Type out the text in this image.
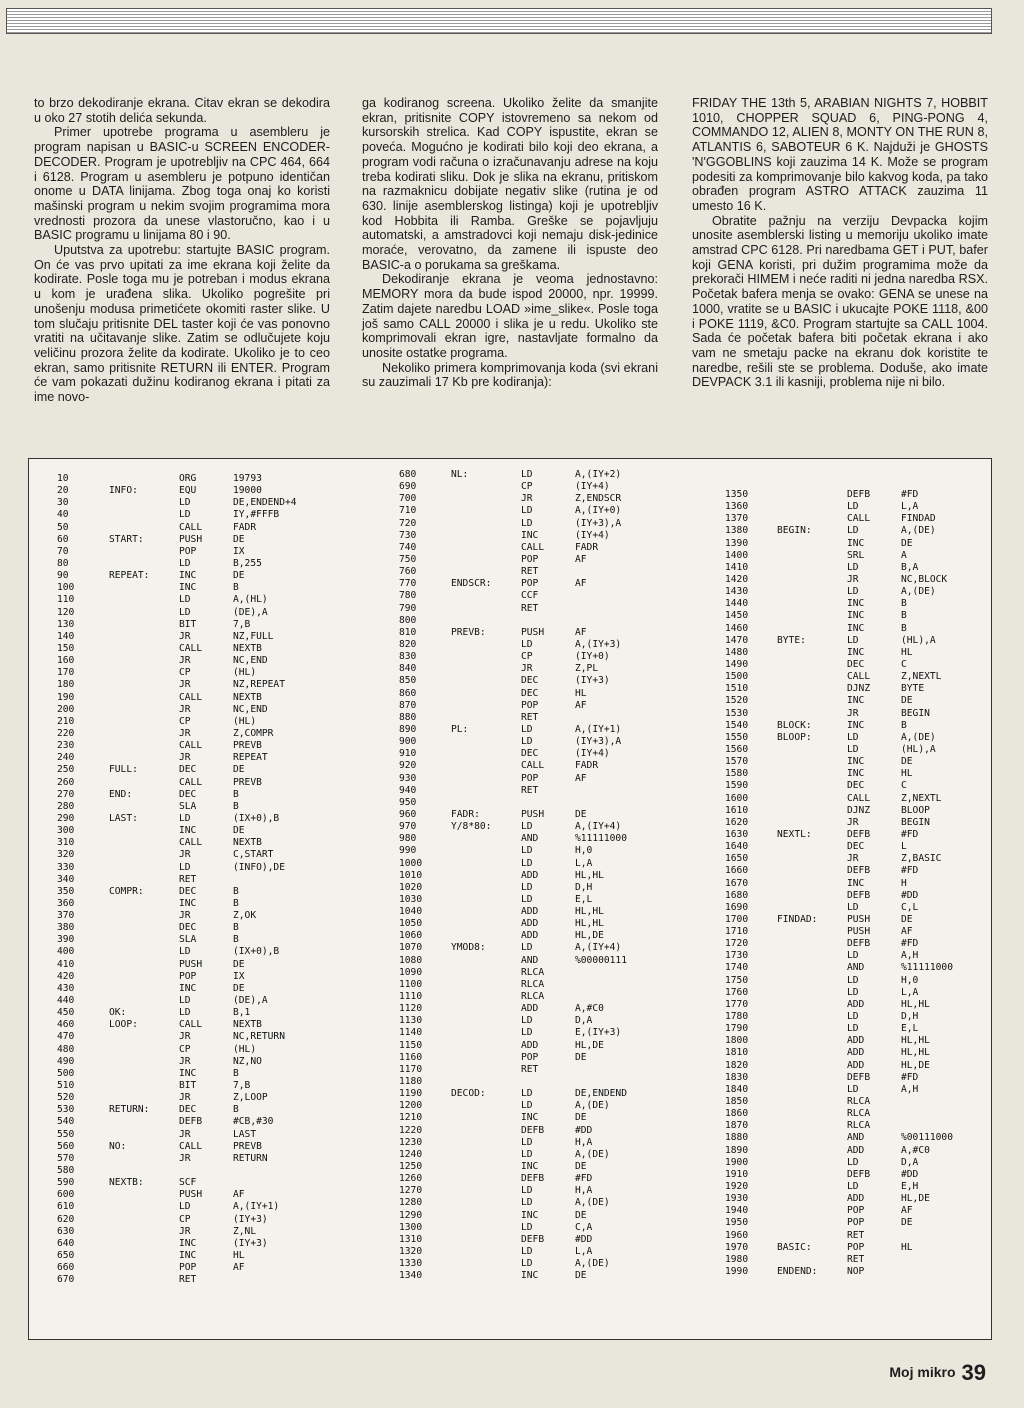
to brzo dekodiranje ekrana. Citav ekran se dekodira u oko 27 stotih delića sekunda.

Primer upotrebe programa u asembleru je program napisan u BASIC-u SCREEN ENCODER-DECODER. Program je upotrebljiv na CPC 464, 664 i 6128. Program u asembleru je potpuno identičan onome u DATA linijama. Zbog toga onaj ko koristi mašinski program u nekim svojim programima mora vrednosti prozora da unese vlastoručno, kao i u BASIC programu u linijama 80 i 90.

Uputstva za upotrebu: startujte BASIC program. On će vas prvo upitati za ime ekrana koji želite da kodirate. Posle toga mu je potreban i modus ekrana u kom je urađena slika. Ukoliko pogrešite pri unošenju modusa primetićete okomiti raster slike. U tom slučaju pritisnite DEL taster koji će vas ponovno vratiti na učitavanje slike. Zatim se odlučujete koju veličinu prozora želite da kodirate. Ukoliko je to ceo ekran, samo pritisnite RETURN ili ENTER. Program će vam pokazati dužinu kodiranog ekrana i pitati za ime novo-

ga kodiranog screena. Ukoliko želite da smanjite ekran, pritisnite COPY istovremeno sa nekom od kursorskih strelica. Kad COPY ispustite, ekran se poveća. Mogućno je kodirati bilo koji deo ekrana, a program vodi računa o izračunavanju adrese na koju treba kodirati sliku. Dok je slika na ekranu, pritiskom na razmaknicu dobijate negativ slike (rutina je od 630. linije asemblerskog listinga) koji je upotrebljiv kod Hobbita ili Ramba. Greške se pojavljuju automatski, a amstradovci koji nemaju disk-jedinice moraće, verovatno, da zamene ili ispuste deo BASIC-a o porukama sa greškama.

Dekodiranje ekrana je veoma jednostavno: MEMORY mora da bude ispod 20000, npr. 19999. Zatim dajete naredbu LOAD »ime_slike«. Posle toga još samo CALL 20000 i slika je u redu. Ukoliko ste komprimovali ekran igre, nastavljate formalno da unosite ostatke programa.

Nekoliko primera komprimovanja koda (svi ekrani su zauzimali 17 Kb pre kodiranja):

FRIDAY THE 13th 5, ARABIAN NIGHTS 7, HOBBIT 1010, CHOPPER SQUAD 6, PING-PONG 4, COMMANDO 12, ALIEN 8, MONTY ON THE RUN 8, ATLANTIS 6, SABOTEUR 6 K. Najduži je GHOSTS 'N'GGOBLINS koji zauzima 14 K. Može se program podesiti za komprimovanje bilo kakvog koda, pa tako obrađen program ASTRO ATTACK zauzima 11 umesto 16 K.

Obratite pažnju na verziju Devpacka kojim unosite asemblerski listing u memoriju ukoliko imate amstrad CPC 6128. Pri naredbama GET i PUT, bafer koji GENA koristi, pri dužim programima može da prekorači HIMEM i neće raditi ni jedna naredba RSX. Početak bafera menja se ovako: GENA se unese na 1000, vratite se u BASIC i ukucajte POKE 1118, &00 i POKE 1119, &C0. Program startujte sa CALL 1004. Sada će početak bafera biti početak ekrana i ako vam ne smetaju packe na ekranu dok koristite te naredbe, rešili ste se problema. Doduše, ako imate DEVPACK 3.1 ili kasniji, problema nije ni bilo.

10	ORG	19793
20	INFO:	EQU	19000
30	LD	DE,ENDEND+4
40	LD	IY,#FFFB
50	CALL	FADR
60	START:	PUSH	DE
70	POP	IX
80	LD	B,255
90	REPEAT:	INC	DE
100	INC	B
110	LD	A,(HL)
120	LD	(DE),A
130	BIT	7,B
140	JR	NZ,FULL
150	CALL	NEXTB
160	JR	NC,END
170	CP	(HL)
180	JR	NZ,REPEAT
190	CALL	NEXTB
200	JR	NC,END
210	CP	(HL)
220	JR	Z,COMPR
230	CALL	PREVB
240	JR	REPEAT
250	FULL:	DEC	DE
260	CALL	PREVB
270	END:	DEC	B
280	SLA	B
290	LAST:	LD	(IX+0),B
300	INC	DE
310	CALL	NEXTB
320	JR	C,START
330	LD	(INFO),DE
340	RET
350	COMPR:	DEC	B
360	INC	B
370	JR	Z,OK
380	DEC	B
390	SLA	B
400	LD	(IX+0),B
410	PUSH	DE
420	POP	IX
430	INC	DE
440	LD	(DE),A
450	OK:	LD	B,1
460	LOOP:	CALL	NEXTB
470	JR	NC,RETURN
480	CP	(HL)
490	JR	NZ,NO
500	INC	B
510	BIT	7,B
520	JR	Z,LOOP
530	RETURN:	DEC	B
540	DEFB	#CB,#30
550	JR	LAST
560	NO:	CALL	PREVB
570	JR	RETURN
580
590	NEXTB:	SCF
600	PUSH	AF
610	LD	A,(IY+1)
620	CP	(IY+3)
630	JR	Z,NL
640	INC	(IY+3)
650	INC	HL
660	POP	AF
670	RET
680	NL:	LD	A,(IY+2)
690	CP	(IY+4)
700	JR	Z,ENDSCR
710	LD	A,(IY+0)
720	LD	(IY+3),A
730	INC	(IY+4)
740	CALL	FADR
750	POP	AF
760	RET
770	ENDSCR:	POP	AF
780	CCF
790	RET
800
810	PREVB:	PUSH	AF
820	LD	A,(IY+3)
830	CP	(IY+0)
840	JR	Z,PL
850	DEC	(IY+3)
860	DEC	HL
870	POP	AF
880	RET
890	PL:	LD	A,(IY+1)
900	LD	(IY+3),A
910	DEC	(IY+4)
920	CALL	FADR
930	POP	AF
940	RET
950
960	FADR:	PUSH	DE
970	Y/8*80:	LD	A,(IY+4)
980	AND	%11111000
990	LD	H,0
1000	LD	L,A
1010	ADD	HL,HL
1020	LD	D,H
1030	LD	E,L
1040	ADD	HL,HL
1050	ADD	HL,HL
1060	ADD	HL,DE
1070	YMOD8:	LD	A,(IY+4)
1080	AND	%00000111
1090	RLCA
1100	RLCA
1110	RLCA
1120	ADD	A,#C0
1130	LD	D,A
1140	LD	E,(IY+3)
1150	ADD	HL,DE
1160	POP	DE
1170	RET
1180
1190	DECOD:	LD	DE,ENDEND
1200	LD	A,(DE)
1210	INC	DE
1220	DEFB	#DD
1230	LD	H,A
1240	LD	A,(DE)
1250	INC	DE
1260	DEFB	#FD
1270	LD	H,A
1280	LD	A,(DE)
1290	INC	DE
1300	LD	C,A
1310	DEFB	#DD
1320	LD	L,A
1330	LD	A,(DE)
1340	INC	DE
1350	DEFB	#FD
1360	LD	L,A
1370	CALL	FINDAD
1380	BEGIN:	LD	A,(DE)
1390	INC	DE
1400	SRL	A
1410	LD	B,A
1420	JR	NC,BLOCK
1430	LD	A,(DE)
1440	INC	B
1450	INC	B
1460	INC	B
1470	BYTE:	LD	(HL),A
1480	INC	HL
1490	DEC	C
1500	CALL	Z,NEXTL
1510	DJNZ	BYTE
1520	INC	DE
1530	JR	BEGIN
1540	BLOCK:	INC	B
1550	BLOOP:	LD	A,(DE)
1560	LD	(HL),A
1570	INC	DE
1580	INC	HL
1590	DEC	C
1600	CALL	Z,NEXTL
1610	DJNZ	BLOOP
1620	JR	BEGIN
1630	NEXTL:	DEFB	#FD
1640	DEC	L
1650	JR	Z,BASIC
1660	DEFB	#FD
1670	INC	H
1680	DEFB	#DD
1690	LD	C,L
1700	FINDAD:	PUSH	DE
1710	PUSH	AF
1720	DEFB	#FD
1730	LD	A,H
1740	AND	%11111000
1750	LD	H,0
1760	LD	L,A
1770	ADD	HL,HL
1780	LD	D,H
1790	LD	E,L
1800	ADD	HL,HL
1810	ADD	HL,HL
1820	ADD	HL,DE
1830	DEFB	#FD
1840	LD	A,H
1850	RLCA
1860	RLCA
1870	RLCA
1880	AND	%00111000
1890	ADD	A,#C0
1900	LD	D,A
1910	DEFB	#DD
1920	LD	E,H
1930	ADD	HL,DE
1940	POP	AF
1950	POP	DE
1960	RET
1970	BASIC:	POP	HL
1980	RET
1990	ENDEND:	NOP
Moj mikro 39
